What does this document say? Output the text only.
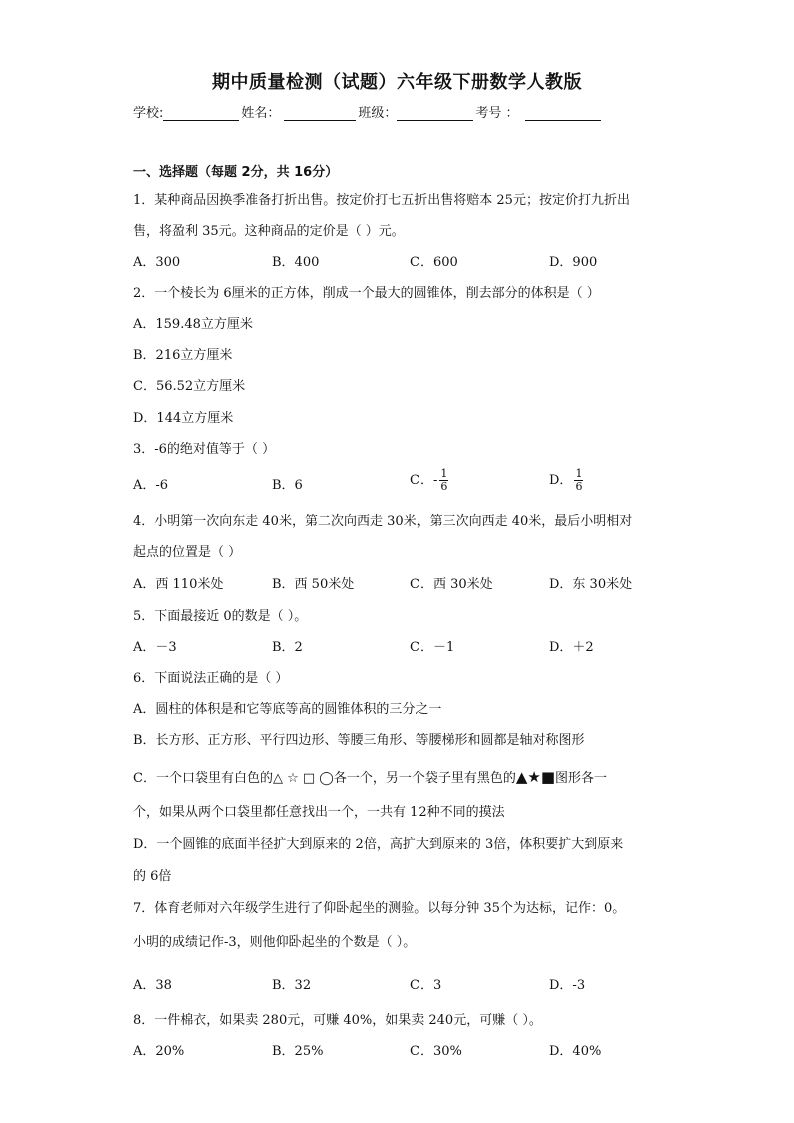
期中质量检测（试题）六年级下册数学人教版
学校:	姓名：	班级：	考号 ：
一、选择题（每题 2分，共 16分）
1．某种商品因换季准备打折出售。按定价打七五折出售将赔本 25元；按定价打九折出
售，将盈利 35元。这种商品的定价是（ ）元。
A．300	B．400	C．600	D．900
2．一个棱长为 6厘米的正方体，削成一个最大的圆锥体，削去部分的体积是（ ）
A．159.48立方厘米
B．216立方厘米
C．56.52立方厘米
D．144立方厘米
3．-6的绝对值等于（ ）
A．-6	B．6	C．- $\frac{1}{6}$	D． $\frac{1}{6}$
4．小明第一次向东走 40米，第二次向西走 30米，第三次向西走 40米，最后小明相对
起点的位置是（ ）
A．西 110米处	B．西 50米处	C．西 30米处	D．东 30米处
5．下面最接近 0的数是（ ）。
A．－3	B．2	C．－1	D．＋2
6．下面说法正确的是（ ）
A．圆柱的体积是和它等底等高的圆锥体积的三分之一
B．长方形、正方形、平行四边形、等腰三角形、等腰梯形和圆都是轴对称图形
C．一个口袋里有白色的△ ☆ □ ◯各一个，另一个袋子里有黑色的▲★■图形各一
个，如果从两个口袋里都任意找出一个，一共有 12种不同的摸法
D．一个圆锥的底面半径扩大到原来的 2倍，高扩大到原来的 3倍，体积要扩大到原来
的 6倍
7．体育老师对六年级学生进行了仰卧起坐的测验。以每分钟 35个为达标，记作：0。
小明的成绩记作-3，则他仰卧起坐的个数是（ ）。
A．38	B．32	C．3	D．-3
8．一件棉衣，如果卖 280元，可赚 40%，如果卖 240元，可赚（ ）。
A．20%	B．25%	C．30%	D．40%
